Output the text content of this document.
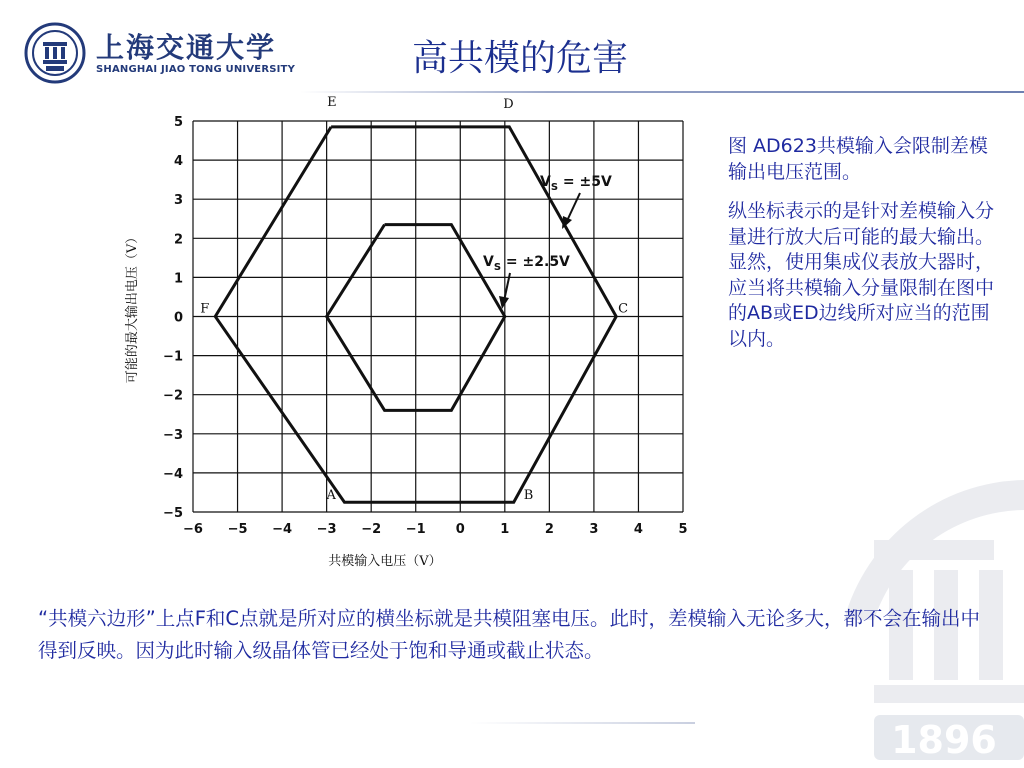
上海交通大学
SHANGHAI JIAO TONG UNIVERSITY	高共模的危害
1896
−6 −5 −4 −3 −2 −1 0	1	2	3	4	5
5
4
3
2
1
0
−1
−2
−3
−4
−5
A	B
C
D
E
F
$V_S = \pm 5V$
$V_S = \pm 2.5V$
共模输入电压（V）
可能的最大输出电压（V）

图 AD623共模输入会限制差模输出电压范围。

纵坐标表示的是针对差模输入分量进行放大后可能的最大输出。显然，使用集成仪表放大器时，应当将共模输入分量限制在图中的AB或ED边线所对应当的范围以内。

“共模六边形”上点F和C点就是所对应的横坐标就是共模阻塞电压。此时，差模输入无论多大，都不会在输出中得到反映。因为此时输入级晶体管已经处于饱和导通或截止状态。
